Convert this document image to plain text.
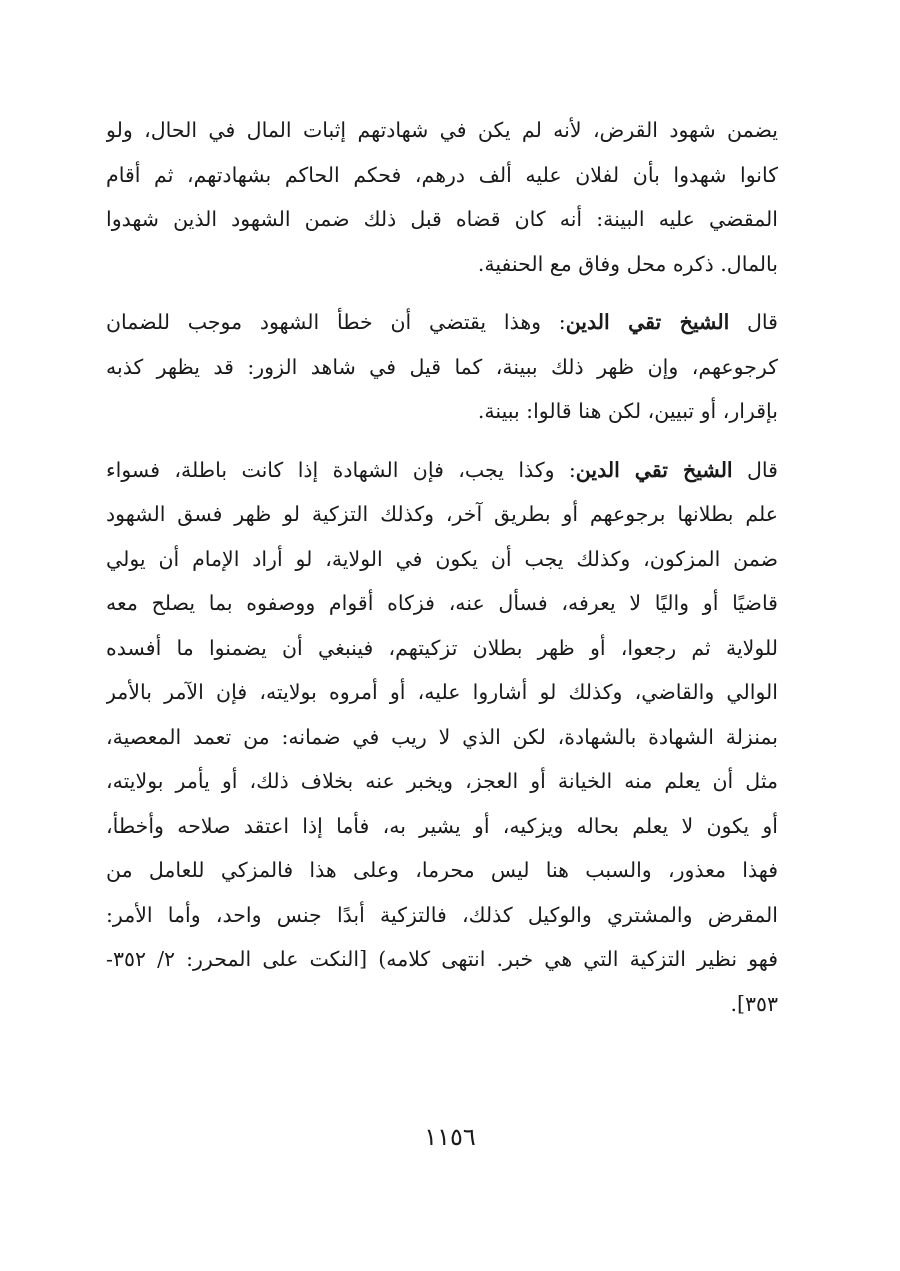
يضمن شهود القرض، لأنه لم يكن في شهادتهم إثبات المال في الحال، ولو
كانوا شهدوا بأن لفلان عليه ألف درهم، فحكم الحاكم بشهادتهم، ثم أقام
المقضي عليه البينة: أنه كان قضاه قبل ذلك ضمن الشهود الذين شهدوا
بالمال. ذكره محل وفاق مع الحنفية.

قال الشيخ تقي الدين: وهذا يقتضي أن خطأ الشهود موجب للضمان
كرجوعهم، وإن ظهر ذلك ببينة، كما قيل في شاهد الزور: قد يظهر كذبه
بإقرار، أو تبيين، لكن هنا قالوا: ببينة.

قال الشيخ تقي الدين: وكذا يجب، فإن الشهادة إذا كانت باطلة، فسواء
علم بطلانها برجوعهم أو بطريق آخر، وكذلك التزكية لو ظهر فسق الشهود
ضمن المزكون، وكذلك يجب أن يكون في الولاية، لو أراد الإمام أن يولي
قاضيًا أو واليًا لا يعرفه، فسأل عنه، فزكاه أقوام ووصفوه بما يصلح معه
للولاية ثم رجعوا، أو ظهر بطلان تزكيتهم، فينبغي أن يضمنوا ما أفسده
الوالي والقاضي، وكذلك لو أشاروا عليه، أو أمروه بولايته، فإن الآمر بالأمر
بمنزلة الشهادة بالشهادة، لكن الذي لا ريب في ضمانه: من تعمد المعصية،
مثل أن يعلم منه الخيانة أو العجز، ويخبر عنه بخلاف ذلك، أو يأمر بولايته،
أو يكون لا يعلم بحاله ويزكيه، أو يشير به، فأما إذا اعتقد صلاحه وأخطأ،
فهذا معذور، والسبب هنا ليس محرما، وعلى هذا فالمزكي للعامل من
المقرض والمشتري والوكيل كذلك، فالتزكية أبدًا جنس واحد، وأما الأمر:
فهو نظير التزكية التي هي خبر. انتهى كلامه) [النكت على المحرر: ٢/ ٣٥٢-
٣٥٣].

١١٥٦
